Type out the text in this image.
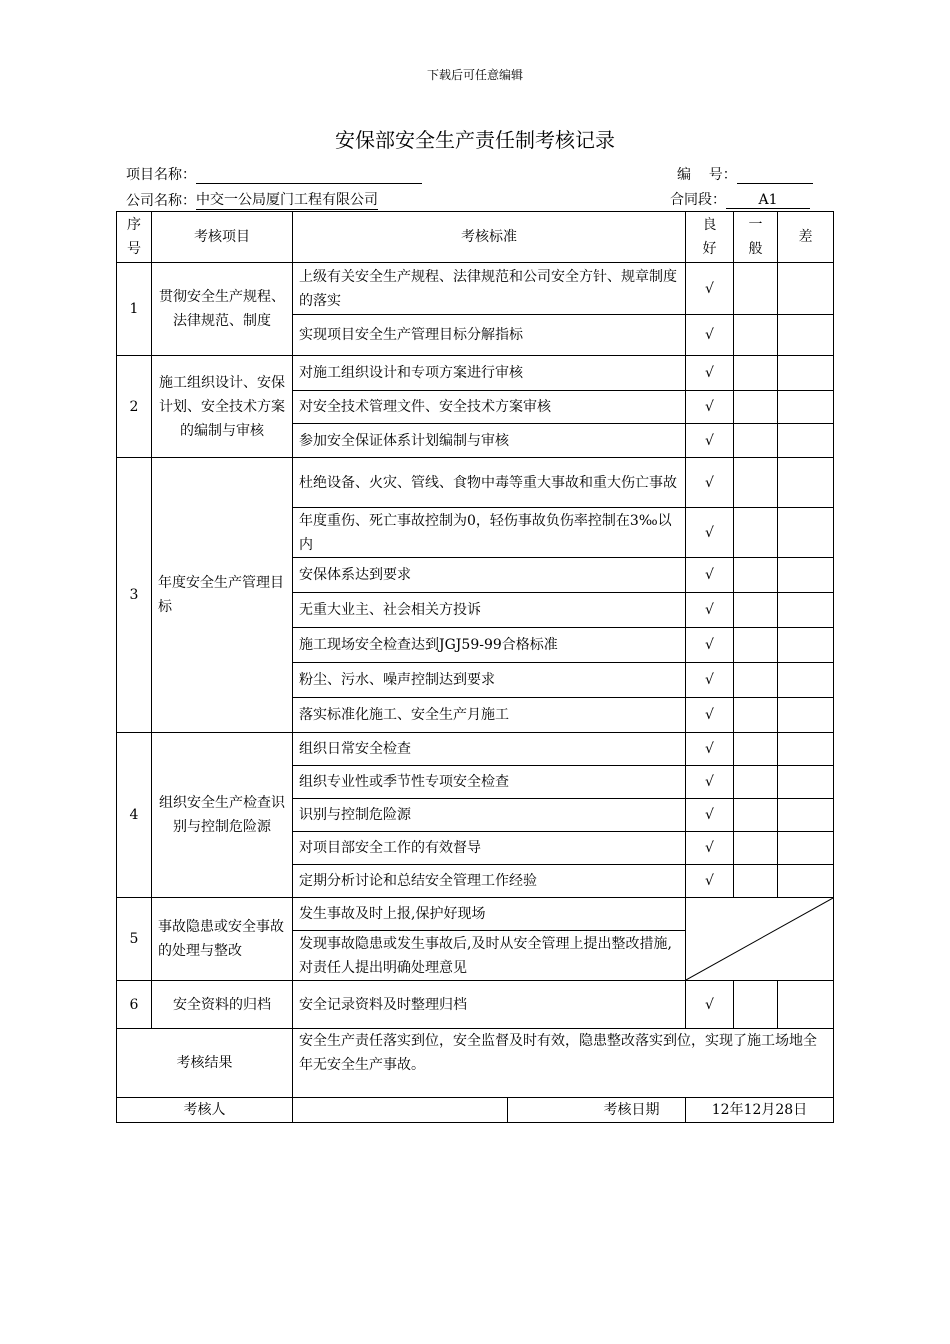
下载后可任意编辑
安保部安全生产责任制考核记录
项目名称：	编    号：
公司名称：中交一公局厦门工程有限公司	合同段： A1
序号	考核项目	考核标准	良好	一般	差
1	贯彻安全生产规程、法律规范、制度	上级有关安全生产规程、法律规范和公司安全方针、规章制度的落实	√		
		实现项目安全生产管理目标分解指标	√		
2	施工组织设计、安保计划、安全技术方案的编制与审核	对施工组织设计和专项方案进行审核	√		
		对安全技术管理文件、安全技术方案审核	√		
		参加安全保证体系计划编制与审核	√		
3	年度安全生产管理目标	杜绝设备、火灾、管线、食物中毒等重大事故和重大伤亡事故	√		
		年度重伤、死亡事故控制为0，轻伤事故负伤率控制在3‰以内	√		
		安保体系达到要求	√		
		无重大业主、社会相关方投诉	√		
		施工现场安全检查达到JGJ59-99合格标准	√		
		粉尘、污水、噪声控制达到要求	√		
		落实标准化施工、安全生产月施工	√		
4	组织安全生产检查识别与控制危险源	组织日常安全检查	√		
		组织专业性或季节性专项安全检查	√		
		识别与控制危险源	√		
		对项目部安全工作的有效督导	√		
		定期分析讨论和总结安全管理工作经验	√		
5	事故隐患或安全事故的处理与整改	发生事故及时上报,保护好现场	

		发现事故隐患或发生事故后,及时从安全管理上提出整改措施,对责任人提出明确处理意见			
6	安全资料的归档	安全记录资料及时整理归档	√		
考核结果		安全生产责任落实到位，安全监督及时有效，隐患整改落实到位，实现了施工场地全年无安全生产事故。			
考核人		考核日期	12年12月28日		
